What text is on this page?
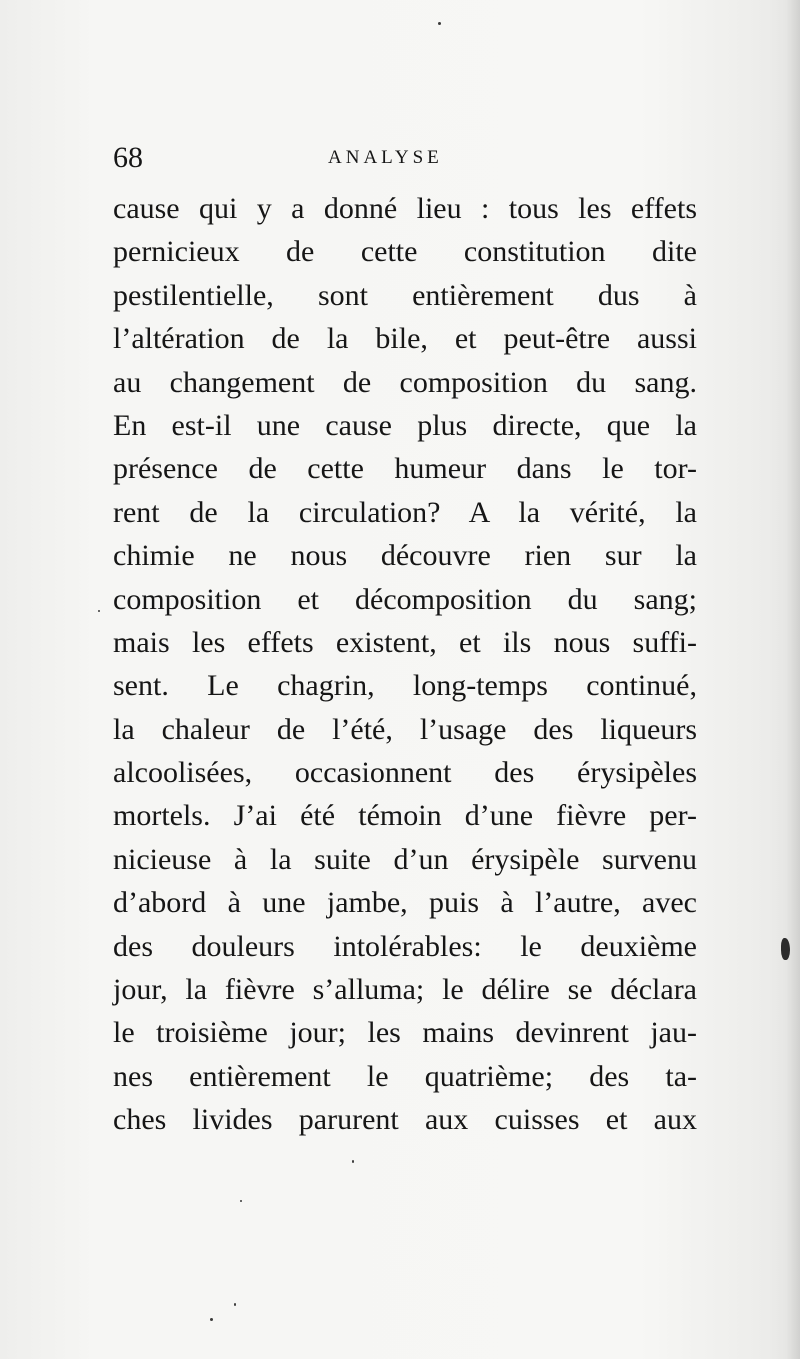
68	ANALYSE
cause qui y a donné lieu : tous les effets
pernicieux de cette constitution dite
pestilentielle, sont entièrement dus à
l’altération de la bile, et peut-être aussi
au changement de composition du sang.
En est-il une cause plus directe, que la
présence de cette humeur dans le tor-
rent de la circulation? A la vérité, la
chimie ne nous découvre rien sur la
composition et décomposition du sang;
mais les effets existent, et ils nous suffi-
sent. Le chagrin, long-temps continué,
la chaleur de l’été, l’usage des liqueurs
alcoolisées, occasionnent des érysipèles
mortels. J’ai été témoin d’une fièvre per-
nicieuse à la suite d’un érysipèle survenu
d’abord à une jambe, puis à l’autre, avec
des douleurs intolérables: le deuxième
jour, la fièvre s’alluma; le délire se déclara
le troisième jour; les mains devinrent jau-
nes entièrement le quatrième; des ta-
ches livides parurent aux cuisses et aux
